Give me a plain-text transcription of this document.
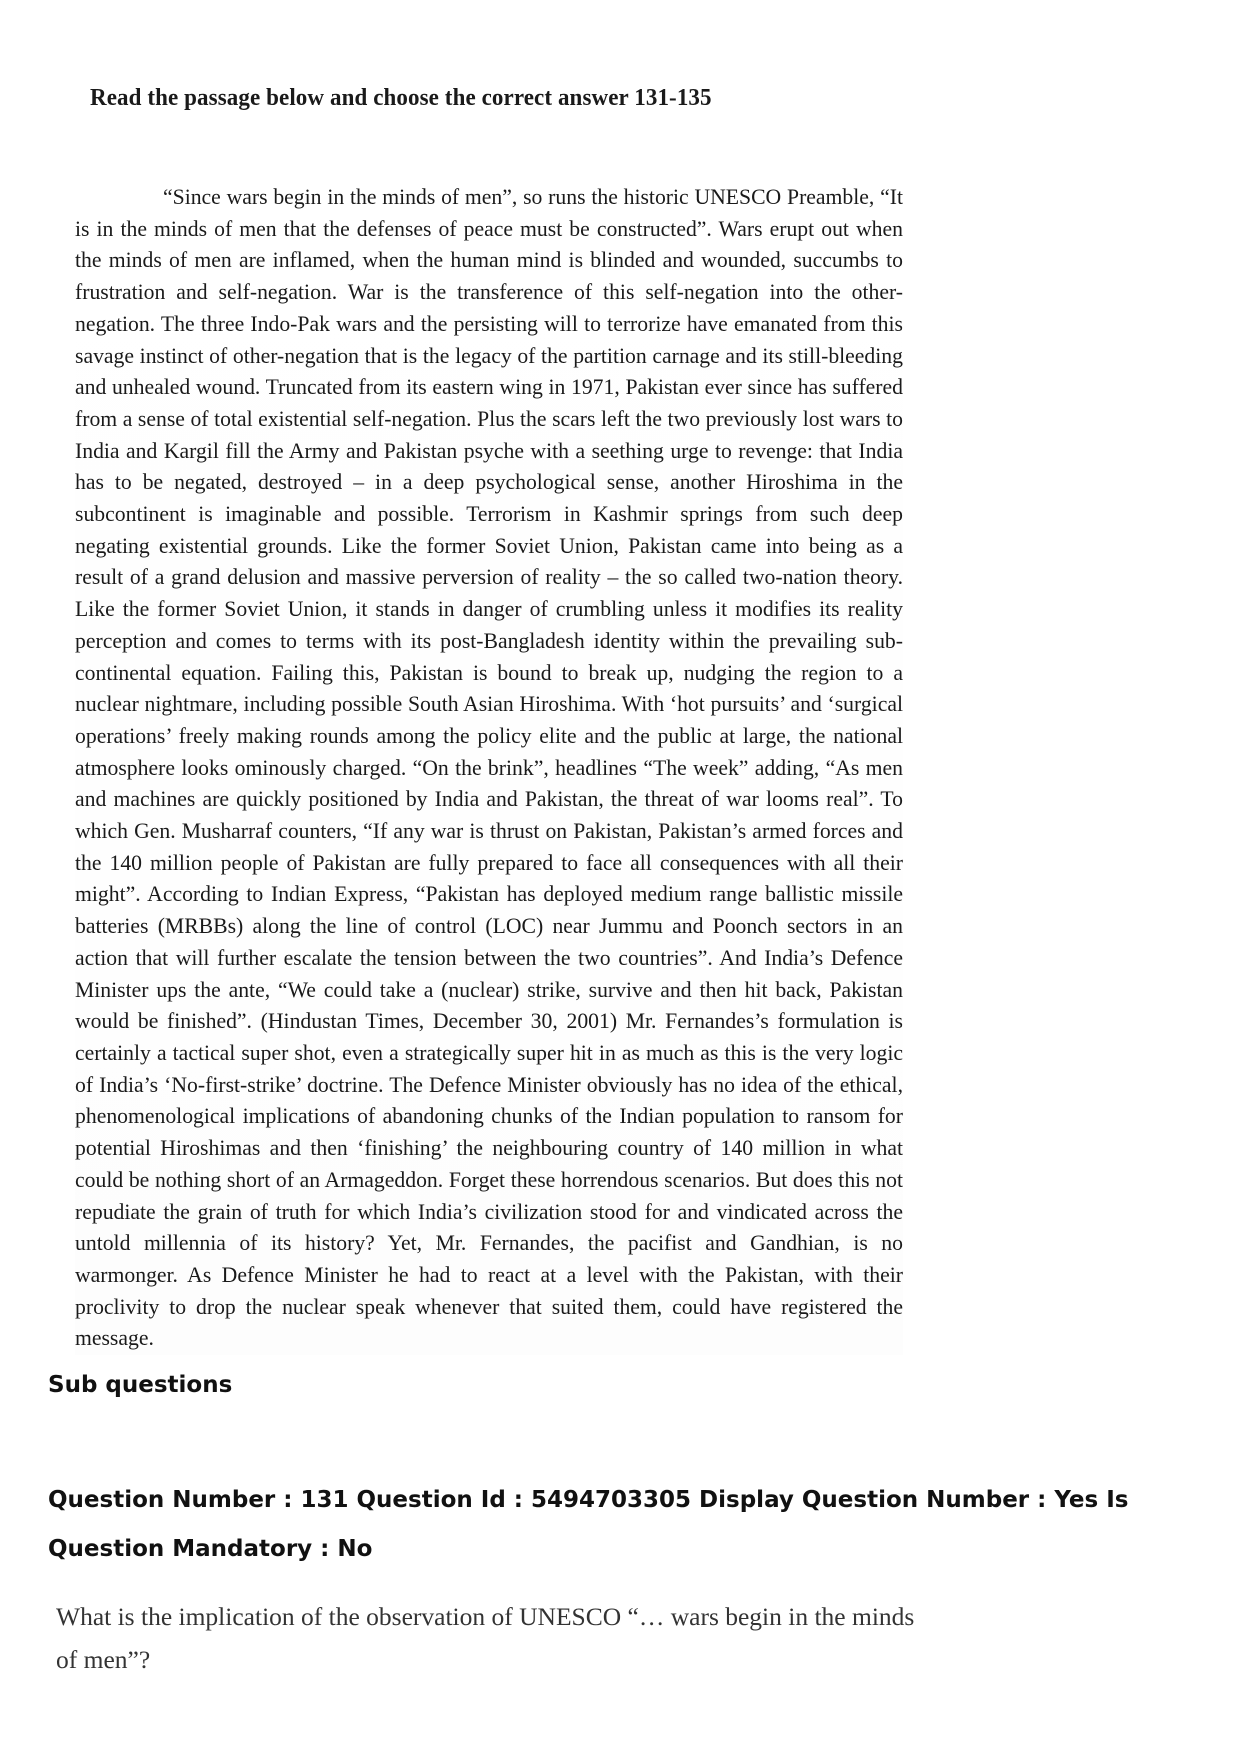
Read the passage below and choose the correct answer 131-135

“Since wars begin in the minds of men”, so runs the historic UNESCO Preamble, “It is in the minds of men that the defenses of peace must be constructed”. Wars erupt out when the minds of men are inflamed, when the human mind is blinded and wounded, succumbs to frustration and self-negation. War is the transference of this self-negation into the other-negation. The three Indo-Pak wars and the persisting will to terrorize have emanated from this savage instinct of other-negation that is the legacy of the partition carnage and its still-bleeding and unhealed wound. Truncated from its eastern wing in 1971, Pakistan ever since has suffered from a sense of total existential self-negation. Plus the scars left the two previously lost wars to India and Kargil fill the Army and Pakistan psyche with a seething urge to revenge: that India has to be negated, destroyed – in a deep psychological sense, another Hiroshima in the subcontinent is imaginable and possible. Terrorism in Kashmir springs from such deep negating existential grounds. Like the former Soviet Union, Pakistan came into being as a result of a grand delusion and massive perversion of reality – the so called two-nation theory. Like the former Soviet Union, it stands in danger of crumbling unless it modifies its reality perception and comes to terms with its post-Bangladesh identity within the prevailing sub-continental equation. Failing this, Pakistan is bound to break up, nudging the region to a nuclear nightmare, including possible South Asian Hiroshima. With ‘hot pursuits’ and ‘surgical operations’ freely making rounds among the policy elite and the public at large, the national atmosphere looks ominously charged. “On the brink”, headlines “The week” adding, “As men and machines are quickly positioned by India and Pakistan, the threat of war looms real”. To which Gen. Musharraf counters, “If any war is thrust on Pakistan, Pakistan’s armed forces and the 140 million people of Pakistan are fully prepared to face all consequences with all their might”. According to Indian Express, “Pakistan has deployed medium range ballistic missile batteries (MRBBs) along the line of control (LOC) near Jummu and Poonch sectors in an action that will further escalate the tension between the two countries”. And India’s Defence Minister ups the ante, “We could take a (nuclear) strike, survive and then hit back, Pakistan would be finished”. (Hindustan Times, December 30, 2001) Mr. Fernandes’s formulation is certainly a tactical super shot, even a strategically super hit in as much as this is the very logic of India’s ‘No-first-strike’ doctrine. The Defence Minister obviously has no idea of the ethical, phenomenological implications of abandoning chunks of the Indian population to ransom for potential Hiroshimas and then ‘finishing’ the neighbouring country of 140 million in what could be nothing short of an Armageddon. Forget these horrendous scenarios. But does this not repudiate the grain of truth for which India’s civilization stood for and vindicated across the untold millennia of its history? Yet, Mr. Fernandes, the pacifist and Gandhian, is no warmonger. As Defence Minister he had to react at a level with the Pakistan, with their proclivity to drop the nuclear speak whenever that suited them, could have registered the message.

Sub questions
Question Number : 131 Question Id : 5494703305 Display Question Number : Yes Is Question Mandatory : No
What is the implication of the observation of UNESCO “… wars begin in the minds of men”?
